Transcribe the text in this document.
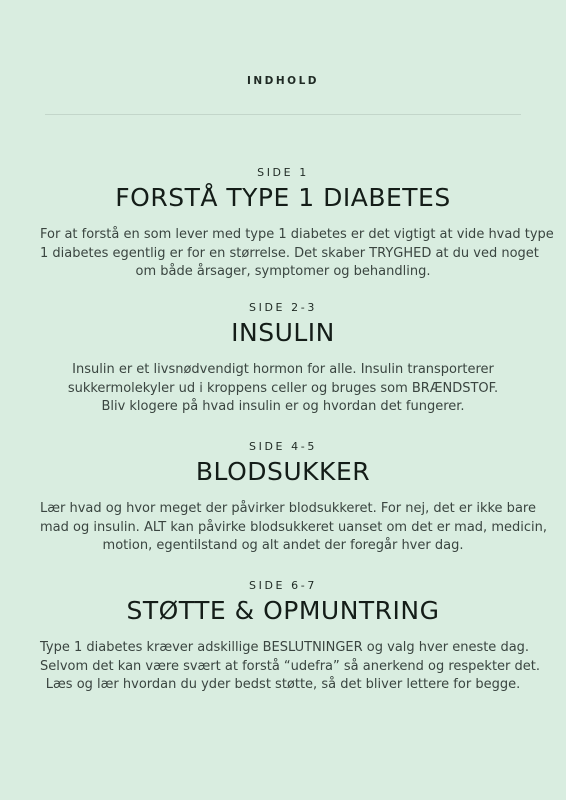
INDHOLD
SIDE 1
FORSTÅ TYPE 1 DIABETES
For at forstå en som lever med type 1 diabetes er det vigtigt at vide hvad type
1 diabetes egentlig er for en størrelse. Det skaber TRYGHED at du ved noget
om både årsager, symptomer og behandling.
SIDE 2-3
INSULIN
Insulin er et livsnødvendigt hormon for alle. Insulin transporterer
sukkermolekyler ud i kroppens celler og bruges som BRÆNDSTOF.
Bliv klogere på hvad insulin er og hvordan det fungerer.
SIDE 4-5
BLODSUKKER
Lær hvad og hvor meget der påvirker blodsukkeret. For nej, det er ikke bare
mad og insulin. ALT kan påvirke blodsukkeret uanset om det er mad, medicin,
motion, egentilstand og alt andet der foregår hver dag.
SIDE 6-7
STØTTE & OPMUNTRING
Type 1 diabetes kræver adskillige BESLUTNINGER og valg hver eneste dag.
Selvom det kan være svært at forstå “udefra” så anerkend og respekter det.
Læs og lær hvordan du yder bedst støtte, så det bliver lettere for begge.
